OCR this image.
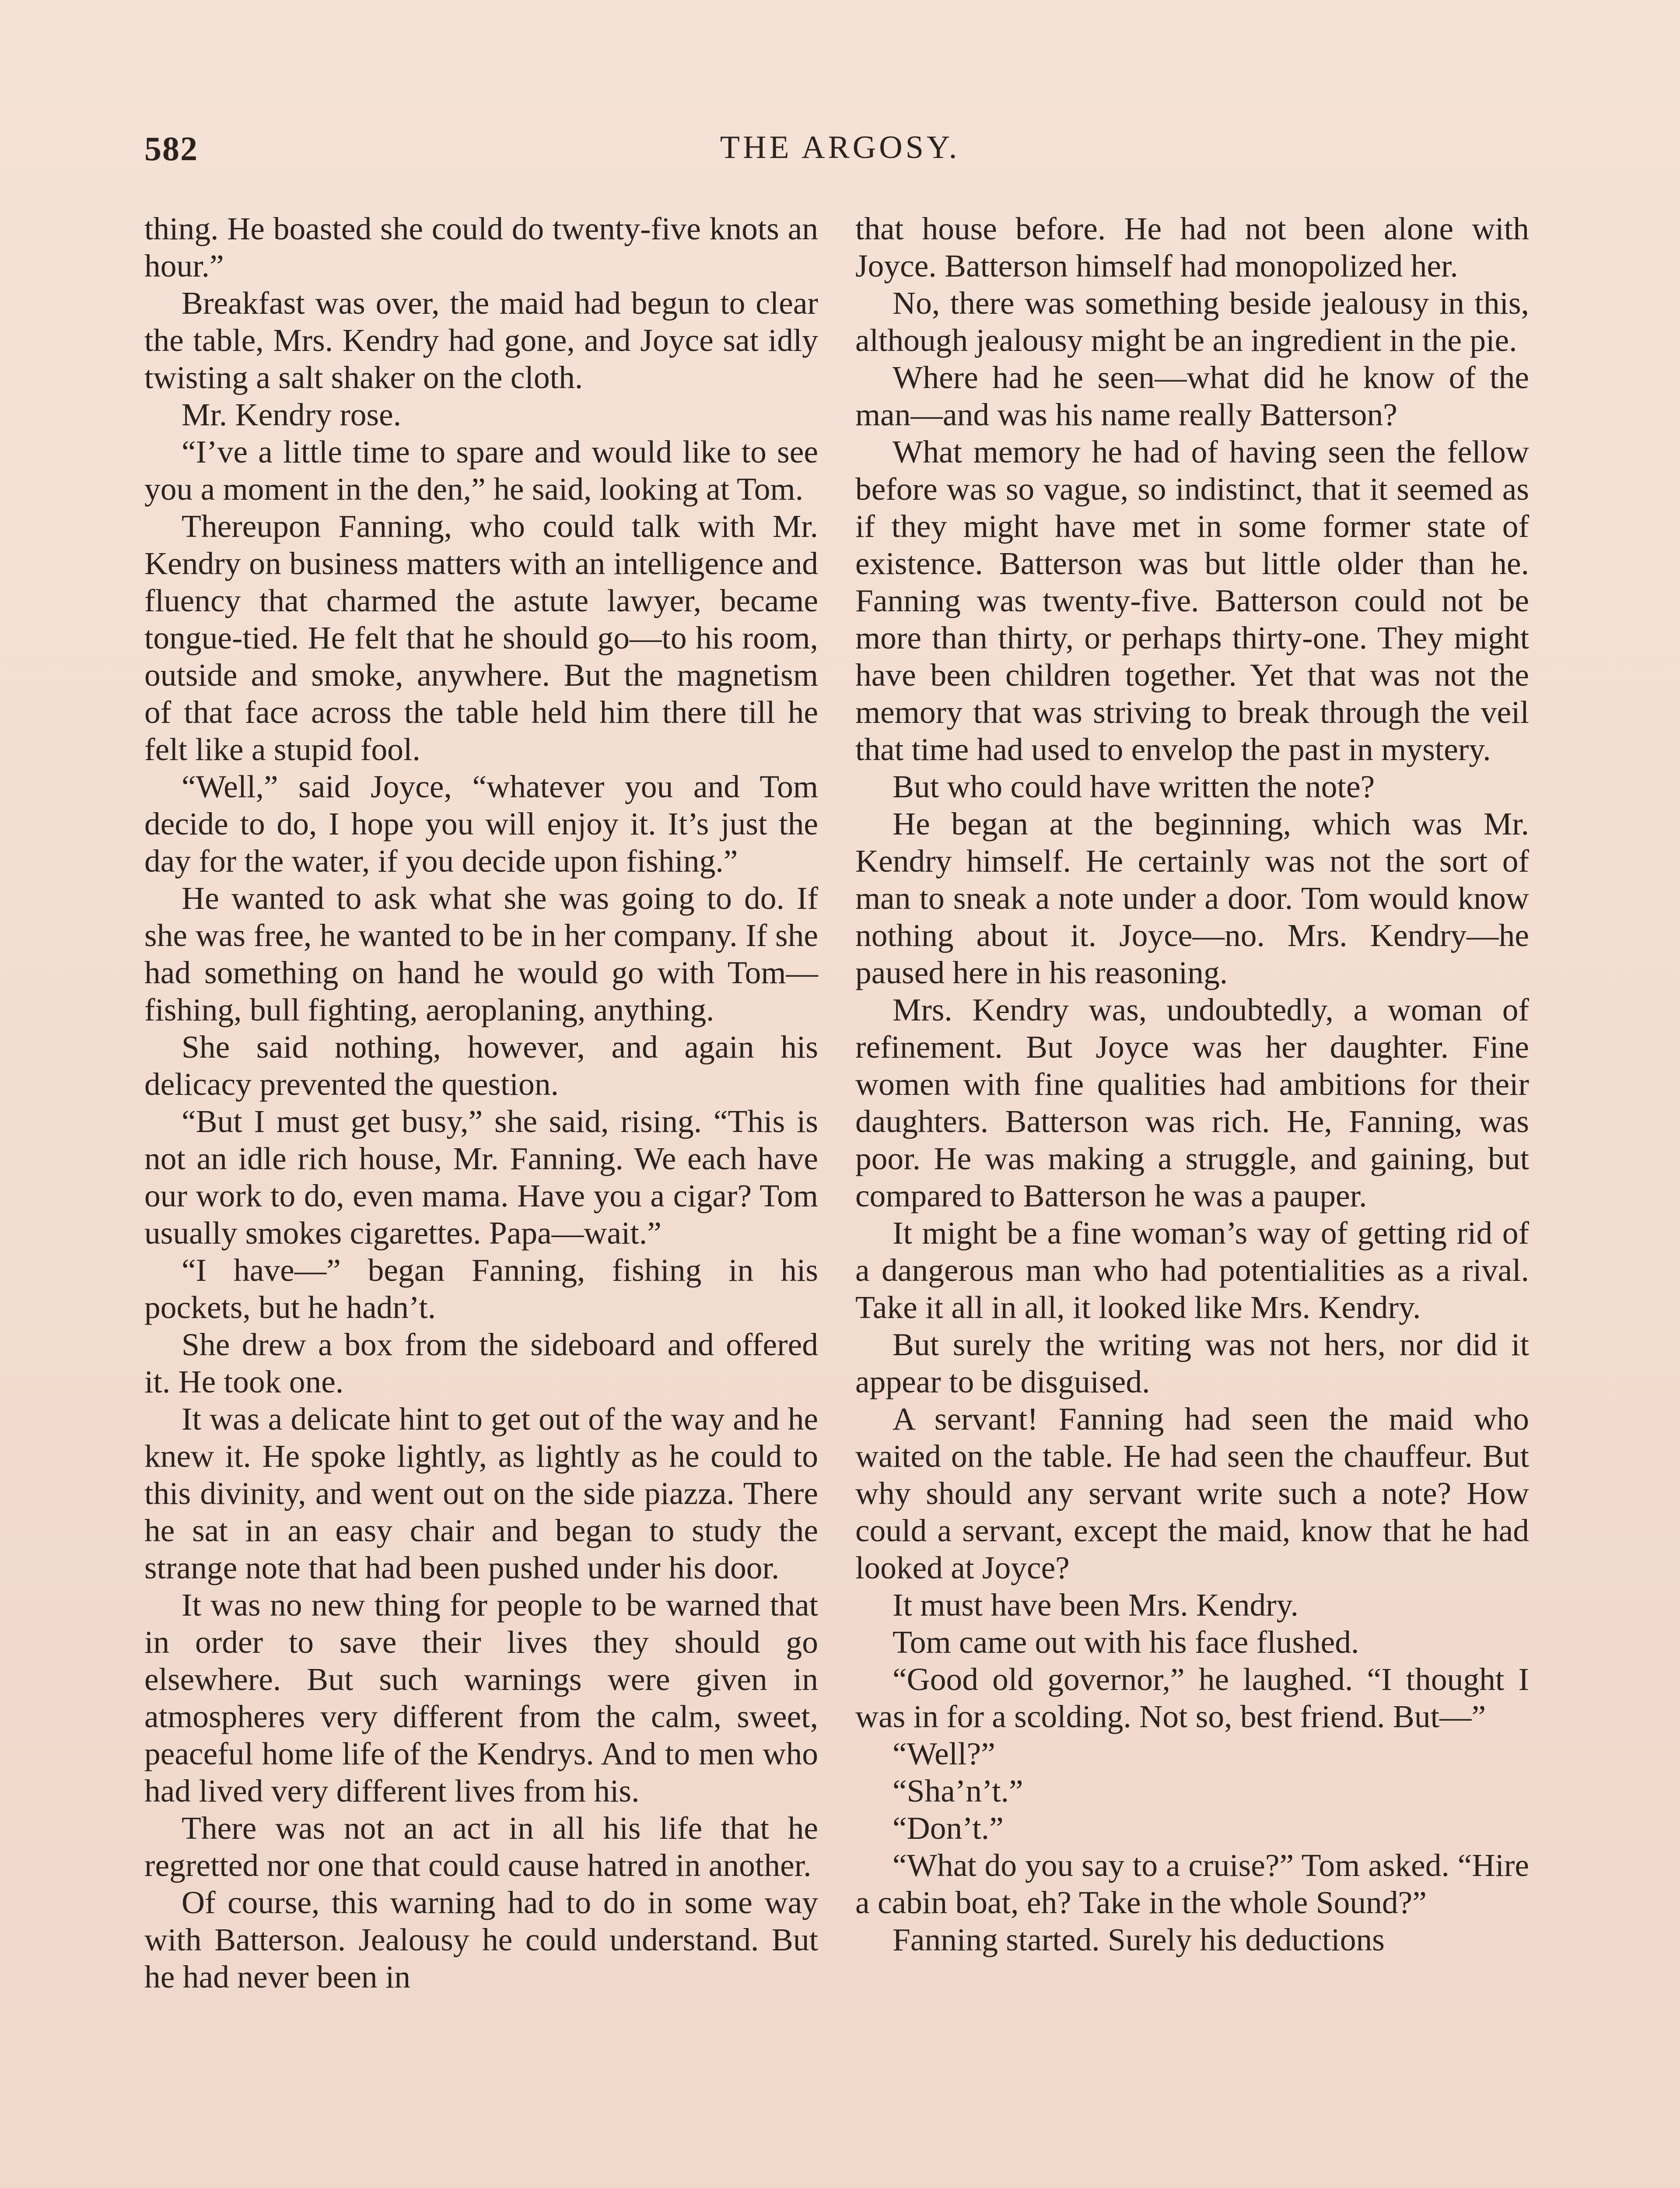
582	THE ARGOSY.

thing. He boasted she could do twenty-five knots an hour.”

Breakfast was over, the maid had begun to clear the table, Mrs. Kendry had gone, and Joyce sat idly twisting a salt shaker on the cloth.

Mr. Kendry rose.

“I’ve a little time to spare and would like to see you a moment in the den,” he said, looking at Tom.

Thereupon Fanning, who could talk with Mr. Kendry on business matters with an intelligence and fluency that charmed the astute lawyer, became tongue-tied. He felt that he should go—to his room, outside and smoke, anywhere. But the magnetism of that face across the table held him there till he felt like a stupid fool.

“Well,” said Joyce, “whatever you and Tom decide to do, I hope you will enjoy it. It’s just the day for the water, if you decide upon fishing.”

He wanted to ask what she was going to do. If she was free, he wanted to be in her company. If she had something on hand he would go with Tom—fishing, bull fighting, aeroplaning, anything.

She said nothing, however, and again his delicacy prevented the question.

“But I must get busy,” she said, rising. “This is not an idle rich house, Mr. Fanning. We each have our work to do, even mama. Have you a cigar? Tom usually smokes cigarettes. Papa—wait.”

“I have—” began Fanning, fishing in his pockets, but he hadn’t.

She drew a box from the sideboard and offered it. He took one.

It was a delicate hint to get out of the way and he knew it. He spoke lightly, as lightly as he could to this divinity, and went out on the side piazza. There he sat in an easy chair and began to study the strange note that had been pushed under his door.

It was no new thing for people to be warned that in order to save their lives they should go elsewhere. But such warnings were given in atmospheres very different from the calm, sweet, peaceful home life of the Kendrys. And to men who had lived very different lives from his.

There was not an act in all his life that he regretted nor one that could cause hatred in another.

Of course, this warning had to do in some way with Batterson. Jealousy he could understand. But he had never been in

that house before. He had not been alone with Joyce. Batterson himself had monopolized her.

No, there was something beside jealousy in this, although jealousy might be an ingredient in the pie.

Where had he seen—what did he know of the man—and was his name really Batterson?

What memory he had of having seen the fellow before was so vague, so indistinct, that it seemed as if they might have met in some former state of existence. Batterson was but little older than he. Fanning was twenty-five. Batterson could not be more than thirty, or perhaps thirty-one. They might have been children together. Yet that was not the memory that was striving to break through the veil that time had used to envelop the past in mystery.

But who could have written the note?

He began at the beginning, which was Mr. Kendry himself. He certainly was not the sort of man to sneak a note under a door. Tom would know nothing about it. Joyce—no. Mrs. Kendry—he paused here in his reasoning.

Mrs. Kendry was, undoubtedly, a woman of refinement. But Joyce was her daughter. Fine women with fine qualities had ambitions for their daughters. Batterson was rich. He, Fanning, was poor. He was making a struggle, and gaining, but compared to Batterson he was a pauper.

It might be a fine woman’s way of getting rid of a dangerous man who had potentialities as a rival. Take it all in all, it looked like Mrs. Kendry.

But surely the writing was not hers, nor did it appear to be disguised.

A servant! Fanning had seen the maid who waited on the table. He had seen the chauffeur. But why should any servant write such a note? How could a servant, except the maid, know that he had looked at Joyce?

It must have been Mrs. Kendry.

Tom came out with his face flushed.

“Good old governor,” he laughed. “I thought I was in for a scolding. Not so, best friend. But—”

“Well?”

“Sha’n’t.”

“Don’t.”

“What do you say to a cruise?” Tom asked. “Hire a cabin boat, eh? Take in the whole Sound?”

Fanning started. Surely his deductions
